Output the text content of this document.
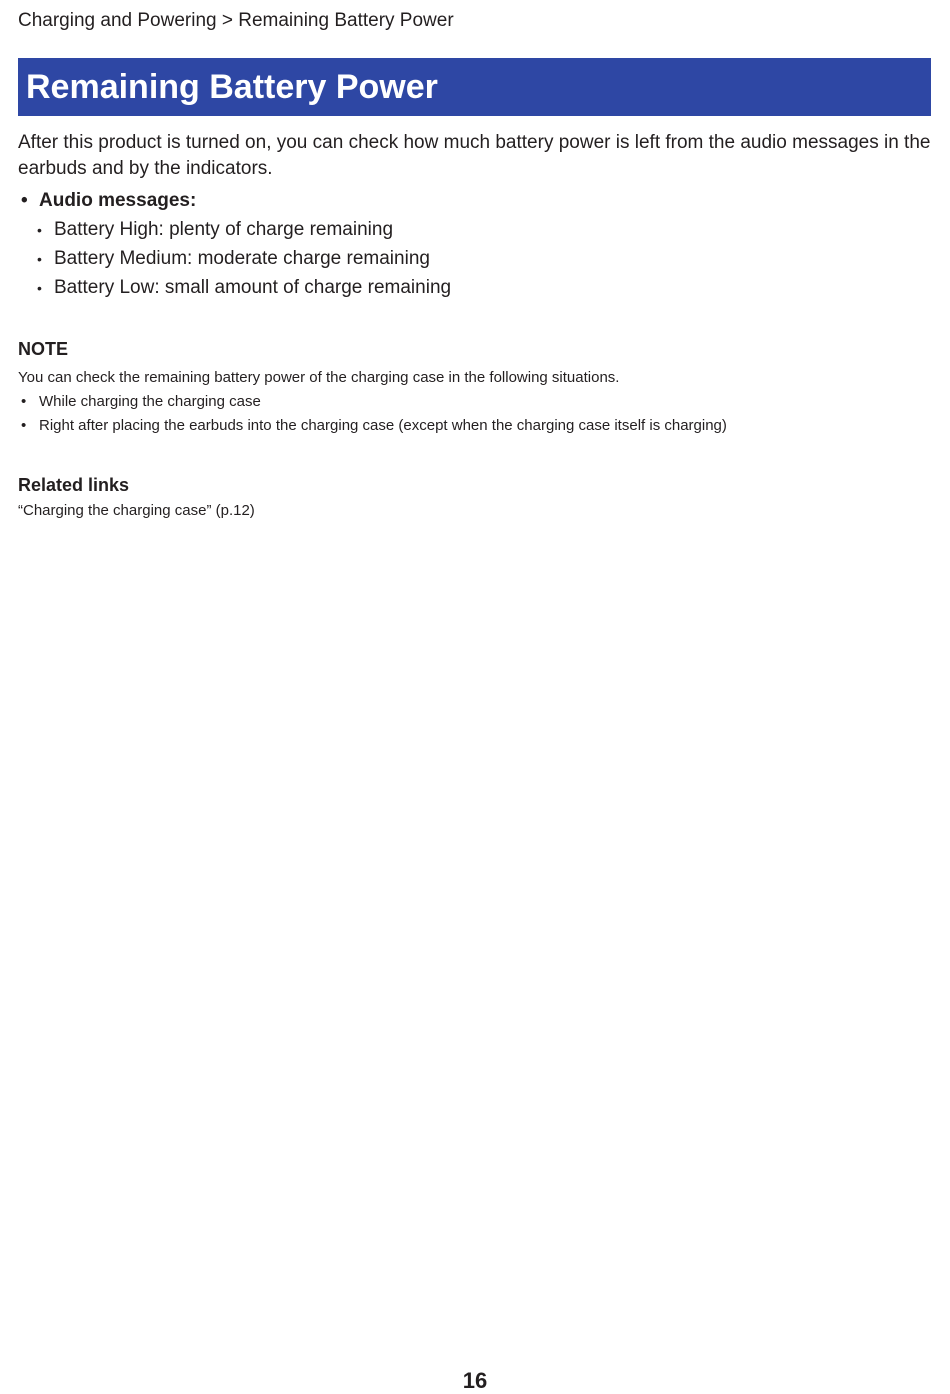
Charging and Powering > Remaining Battery Power
Remaining Battery Power

After this product is turned on, you can check how much battery power is left from the audio messages in the earbuds and by the indicators.

• Audio messages:
• Battery High: plenty of charge remaining
• Battery Medium: moderate charge remaining
• Battery Low: small amount of charge remaining
NOTE
You can check the remaining battery power of the charging case in the following situations.
• While charging the charging case
• Right after placing the earbuds into the charging case (except when the charging case itself is charging)
Related links
“Charging the charging case” (p.12)
16
